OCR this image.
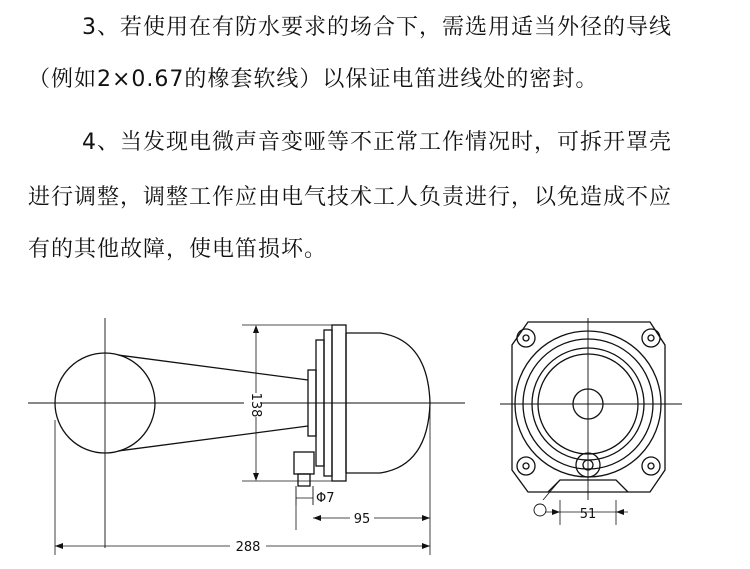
3、若使用在有防水要求的场合下，需选用适当外径的导线
（例如2×0.67的橡套软线）以保证电笛进线处的密封。
4、当发现电微声音变哑等不正常工作情况时，可拆开罩壳
进行调整，调整工作应由电气技术工人负责进行，以免造成不应
有的其他故障，使电笛损坏。
138
Φ7
95
288
51
